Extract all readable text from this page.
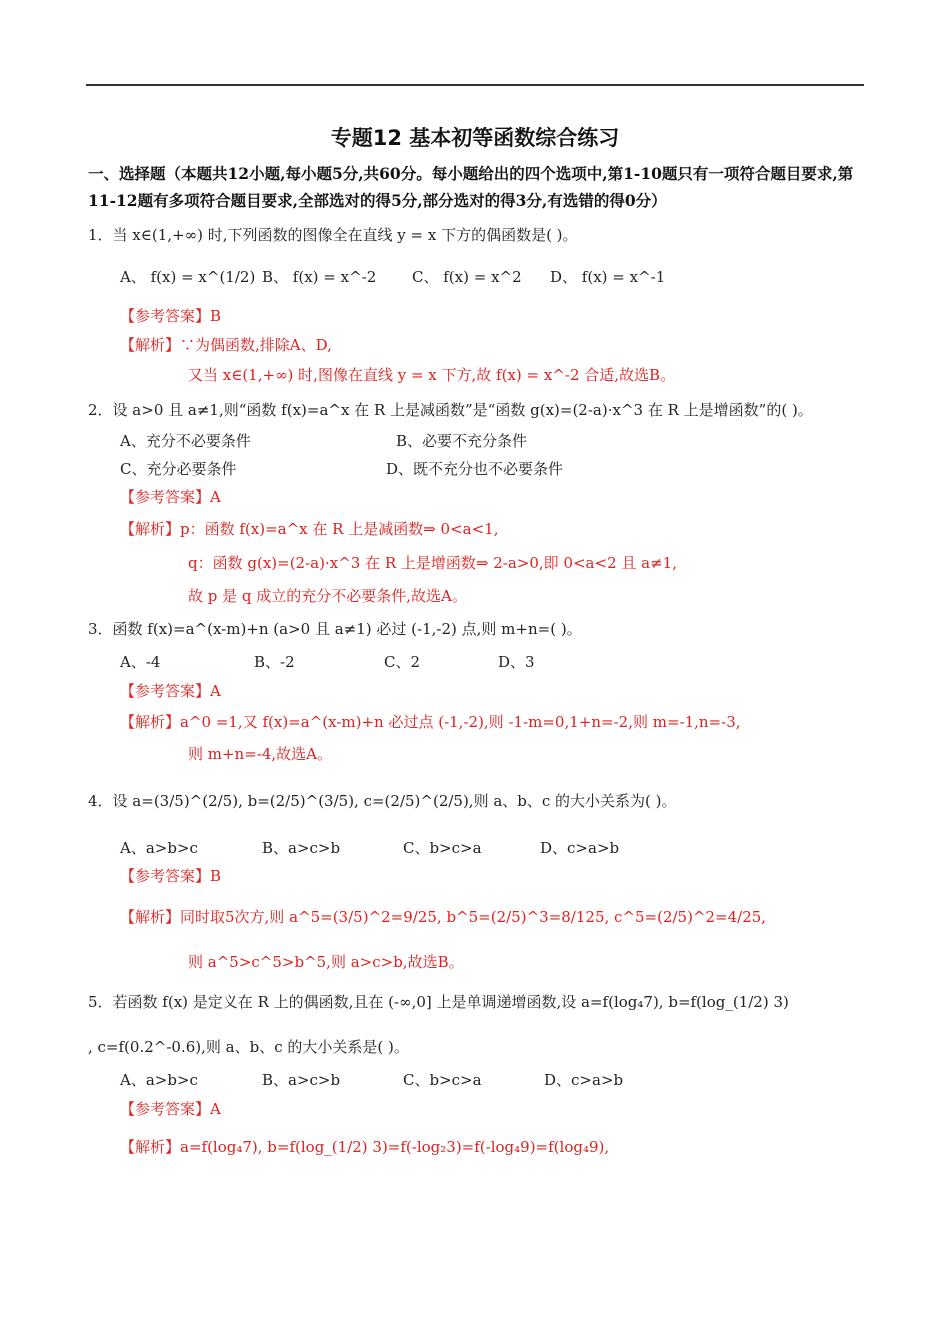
专题12 基本初等函数综合练习
一、选择题（本题共12小题,每小题5分,共60分。每小题给出的四个选项中,第1-10题只有一项符合题目要求,第11-12题有多项符合题目要求,全部选对的得5分,部分选对的得3分,有选错的得0分）
1．当 x∈(1,+∞) 时,下列函数的图像全在直线 y = x 下方的偶函数是( )。
A、 f(x) = x^(1/2) B、 f(x) = x^-2 C、 f(x) = x^2 D、 f(x) = x^-1
【参考答案】B
【解析】∵为偶函数,排除A、D,
又当 x∈(1,+∞) 时,图像在直线 y = x 下方,故 f(x) = x^-2 合适,故选B。
2．设 a>0 且 a≠1,则“函数 f(x)=a^x 在 R 上是减函数”是“函数 g(x)=(2-a)·x^3 在 R 上是增函数”的( )。
A、充分不必要条件	B、必要不充分条件
C、充分必要条件	D、既不充分也不必要条件
【参考答案】A
【解析】p：函数 f(x)=a^x 在 R 上是减函数⇒ 0<a<1,
q：函数 g(x)=(2-a)·x^3 在 R 上是增函数⇒ 2-a>0,即 0<a<2 且 a≠1,
故 p 是 q 成立的充分不必要条件,故选A。
3．函数 f(x)=a^(x-m)+n (a>0 且 a≠1) 必过 (-1,-2) 点,则 m+n=( )。
A、-4	B、-2	C、2	D、3
【参考答案】A
【解析】a^0 =1,又 f(x)=a^(x-m)+n 必过点 (-1,-2),则 -1-m=0,1+n=-2,则 m=-1,n=-3,
则 m+n=-4,故选A。
4．设 a=(3/5)^(2/5), b=(2/5)^(3/5), c=(2/5)^(2/5),则 a、b、c 的大小关系为( )。
A、a>b>c	B、a>c>b	C、b>c>a	D、c>a>b
【参考答案】B
【解析】同时取5次方,则 a^5=(3/5)^2=9/25, b^5=(2/5)^3=8/125, c^5=(2/5)^2=4/25,
则 a^5>c^5>b^5,则 a>c>b,故选B。
5．若函数 f(x) 是定义在 R 上的偶函数,且在 (-∞,0] 上是单调递增函数,设 a=f(log₄7), b=f(log_(1/2) 3)
, c=f(0.2^-0.6),则 a、b、c 的大小关系是( )。
A、a>b>c	B、a>c>b	C、b>c>a	D、c>a>b
【参考答案】A
【解析】a=f(log₄7), b=f(log_(1/2) 3)=f(-log₂3)=f(-log₄9)=f(log₄9),
